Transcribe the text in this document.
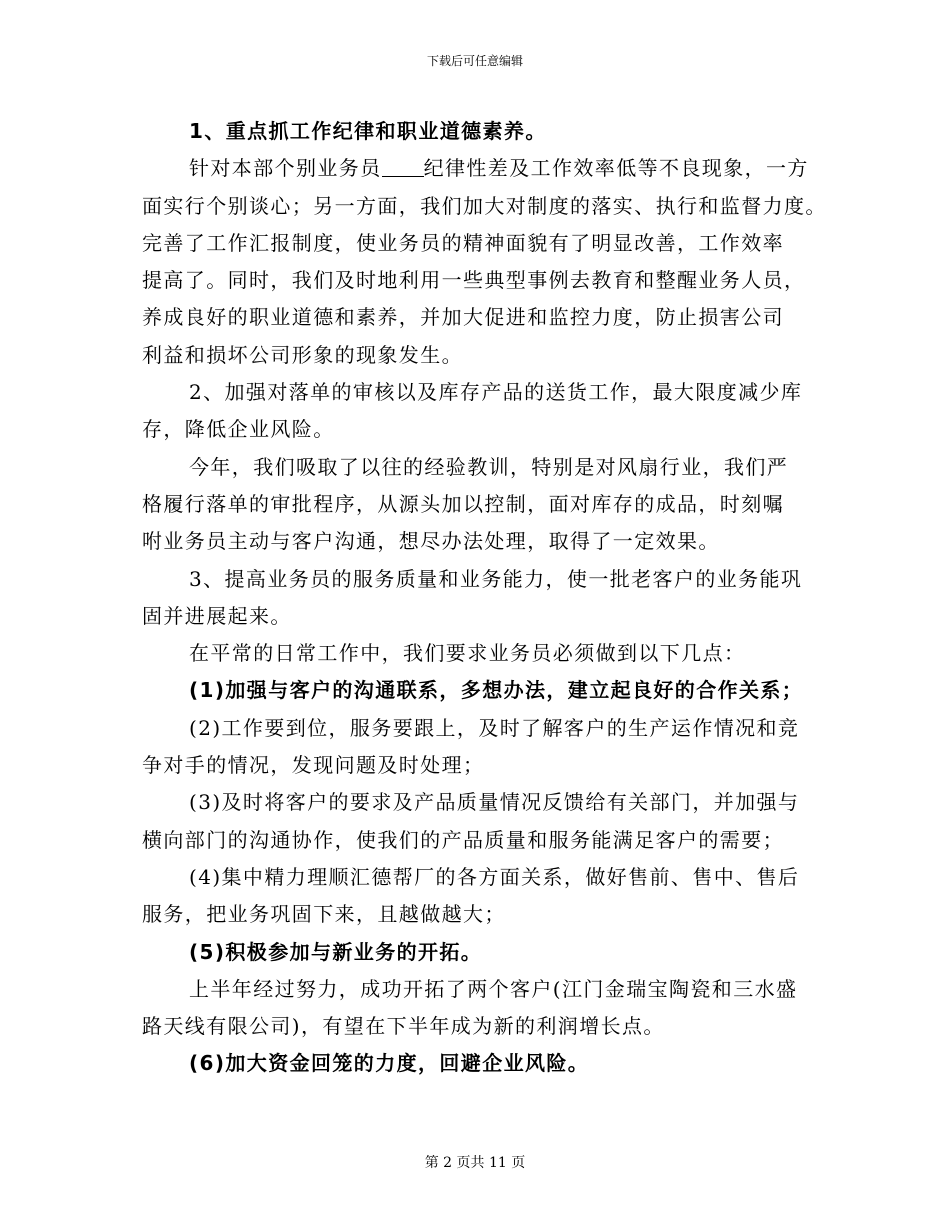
下载后可任意编辑

1、重点抓工作纪律和职业道德素养。

针对本部个别业务员 纪律性差及工作效率低等不良现象，一方
面实行个别谈心；另一方面，我们加大对制度的落实、执行和监督力度。
完善了工作汇报制度，使业务员的精神面貌有了明显改善，工作效率
提高了。同时，我们及时地利用一些典型事例去教育和整醒业务人员，
养成良好的职业道德和素养，并加大促进和监控力度，防止损害公司
利益和损坏公司形象的现象发生。

2、加强对落单的审核以及库存产品的送货工作，最大限度减少库
存，降低企业风险。

今年，我们吸取了以往的经验教训，特别是对风扇行业，我们严
格履行落单的审批程序，从源头加以控制，面对库存的成品，时刻嘱
咐业务员主动与客户沟通，想尽办法处理，取得了一定效果。

3、提高业务员的服务质量和业务能力，使一批老客户的业务能巩
固并进展起来。

在平常的日常工作中，我们要求业务员必须做到以下几点：

(1)加强与客户的沟通联系，多想办法，建立起良好的合作关系；

(2)工作要到位，服务要跟上，及时了解客户的生产运作情况和竞
争对手的情况，发现问题及时处理；

(3)及时将客户的要求及产品质量情况反馈给有关部门，并加强与
横向部门的沟通协作，使我们的产品质量和服务能满足客户的需要；

(4)集中精力理顺汇德帮厂的各方面关系，做好售前、售中、售后
服务，把业务巩固下来，且越做越大；

(5)积极参加与新业务的开拓。

上半年经过努力，成功开拓了两个客户(江门金瑞宝陶瓷和三水盛
路天线有限公司)，有望在下半年成为新的利润增长点。

(6)加大资金回笼的力度，回避企业风险。

第 2 页共 11 页
